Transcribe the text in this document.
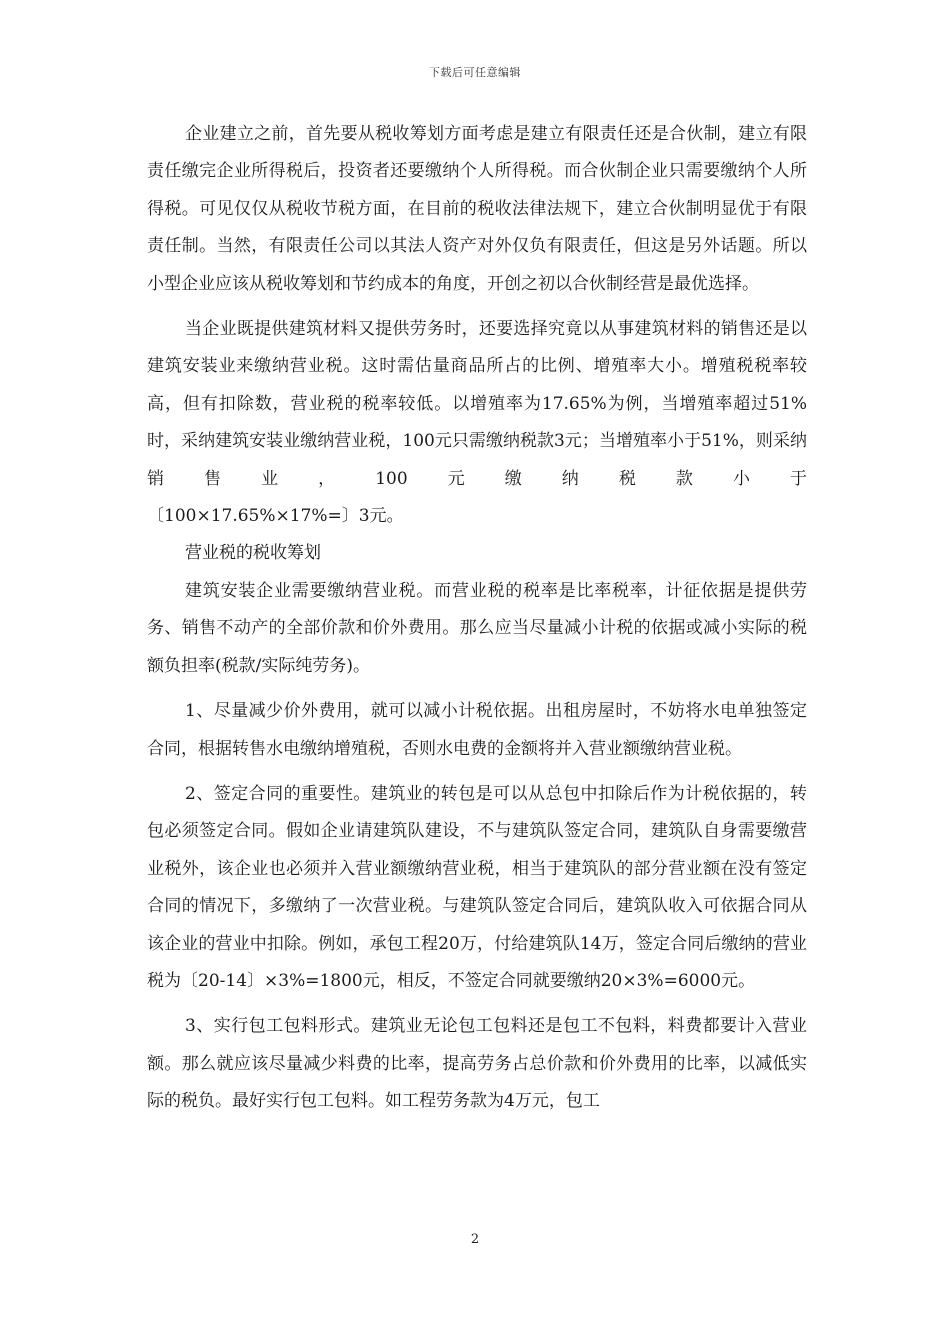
下载后可任意编辑

企业建立之前，首先要从税收筹划方面考虑是建立有限责任还是合伙制，建立有限责任缴完企业所得税后，投资者还要缴纳个人所得税。而合伙制企业只需要缴纳个人所得税。可见仅仅从税收节税方面，在目前的税收法律法规下，建立合伙制明显优于有限责任制。当然，有限责任公司以其法人资产对外仅负有限责任，但这是另外话题。所以小型企业应该从税收筹划和节约成本的角度，开创之初以合伙制经营是最优选择。

当企业既提供建筑材料又提供劳务时，还要选择究竟以从事建筑材料的销售还是以建筑安装业来缴纳营业税。这时需估量商品所占的比例、增殖率大小。增殖税税率较高，但有扣除数，营业税的税率较低。以增殖率为17.65%为例，当增殖率超过51%时，采纳建筑安装业缴纳营业税，100元只需缴纳税款3元；当增殖率小于51%，则采纳销售业，100元缴纳税款小于

〔100×17.65%×17%=〕3元。

营业税的税收筹划

建筑安装企业需要缴纳营业税。而营业税的税率是比率税率，计征依据是提供劳务、销售不动产的全部价款和价外费用。那么应当尽量减小计税的依据或减小实际的税额负担率(税款/实际纯劳务)。

1、尽量减少价外费用，就可以减小计税依据。出租房屋时，不妨将水电单独签定合同，根据转售水电缴纳增殖税，否则水电费的金额将并入营业额缴纳营业税。

2、签定合同的重要性。建筑业的转包是可以从总包中扣除后作为计税依据的，转包必须签定合同。假如企业请建筑队建设，不与建筑队签定合同，建筑队自身需要缴营业税外，该企业也必须并入营业额缴纳营业税，相当于建筑队的部分营业额在没有签定合同的情况下，多缴纳了一次营业税。与建筑队签定合同后，建筑队收入可依据合同从该企业的营业中扣除。例如，承包工程20万，付给建筑队14万，签定合同后缴纳的营业税为〔20-14〕×3%=1800元，相反，不签定合同就要缴纳20×3%=6000元。

3、实行包工包料形式。建筑业无论包工包料还是包工不包料，料费都要计入营业额。那么就应该尽量减少料费的比率，提高劳务占总价款和价外费用的比率，以减低实际的税负。最好实行包工包料。如工程劳务款为4万元，包工

2
